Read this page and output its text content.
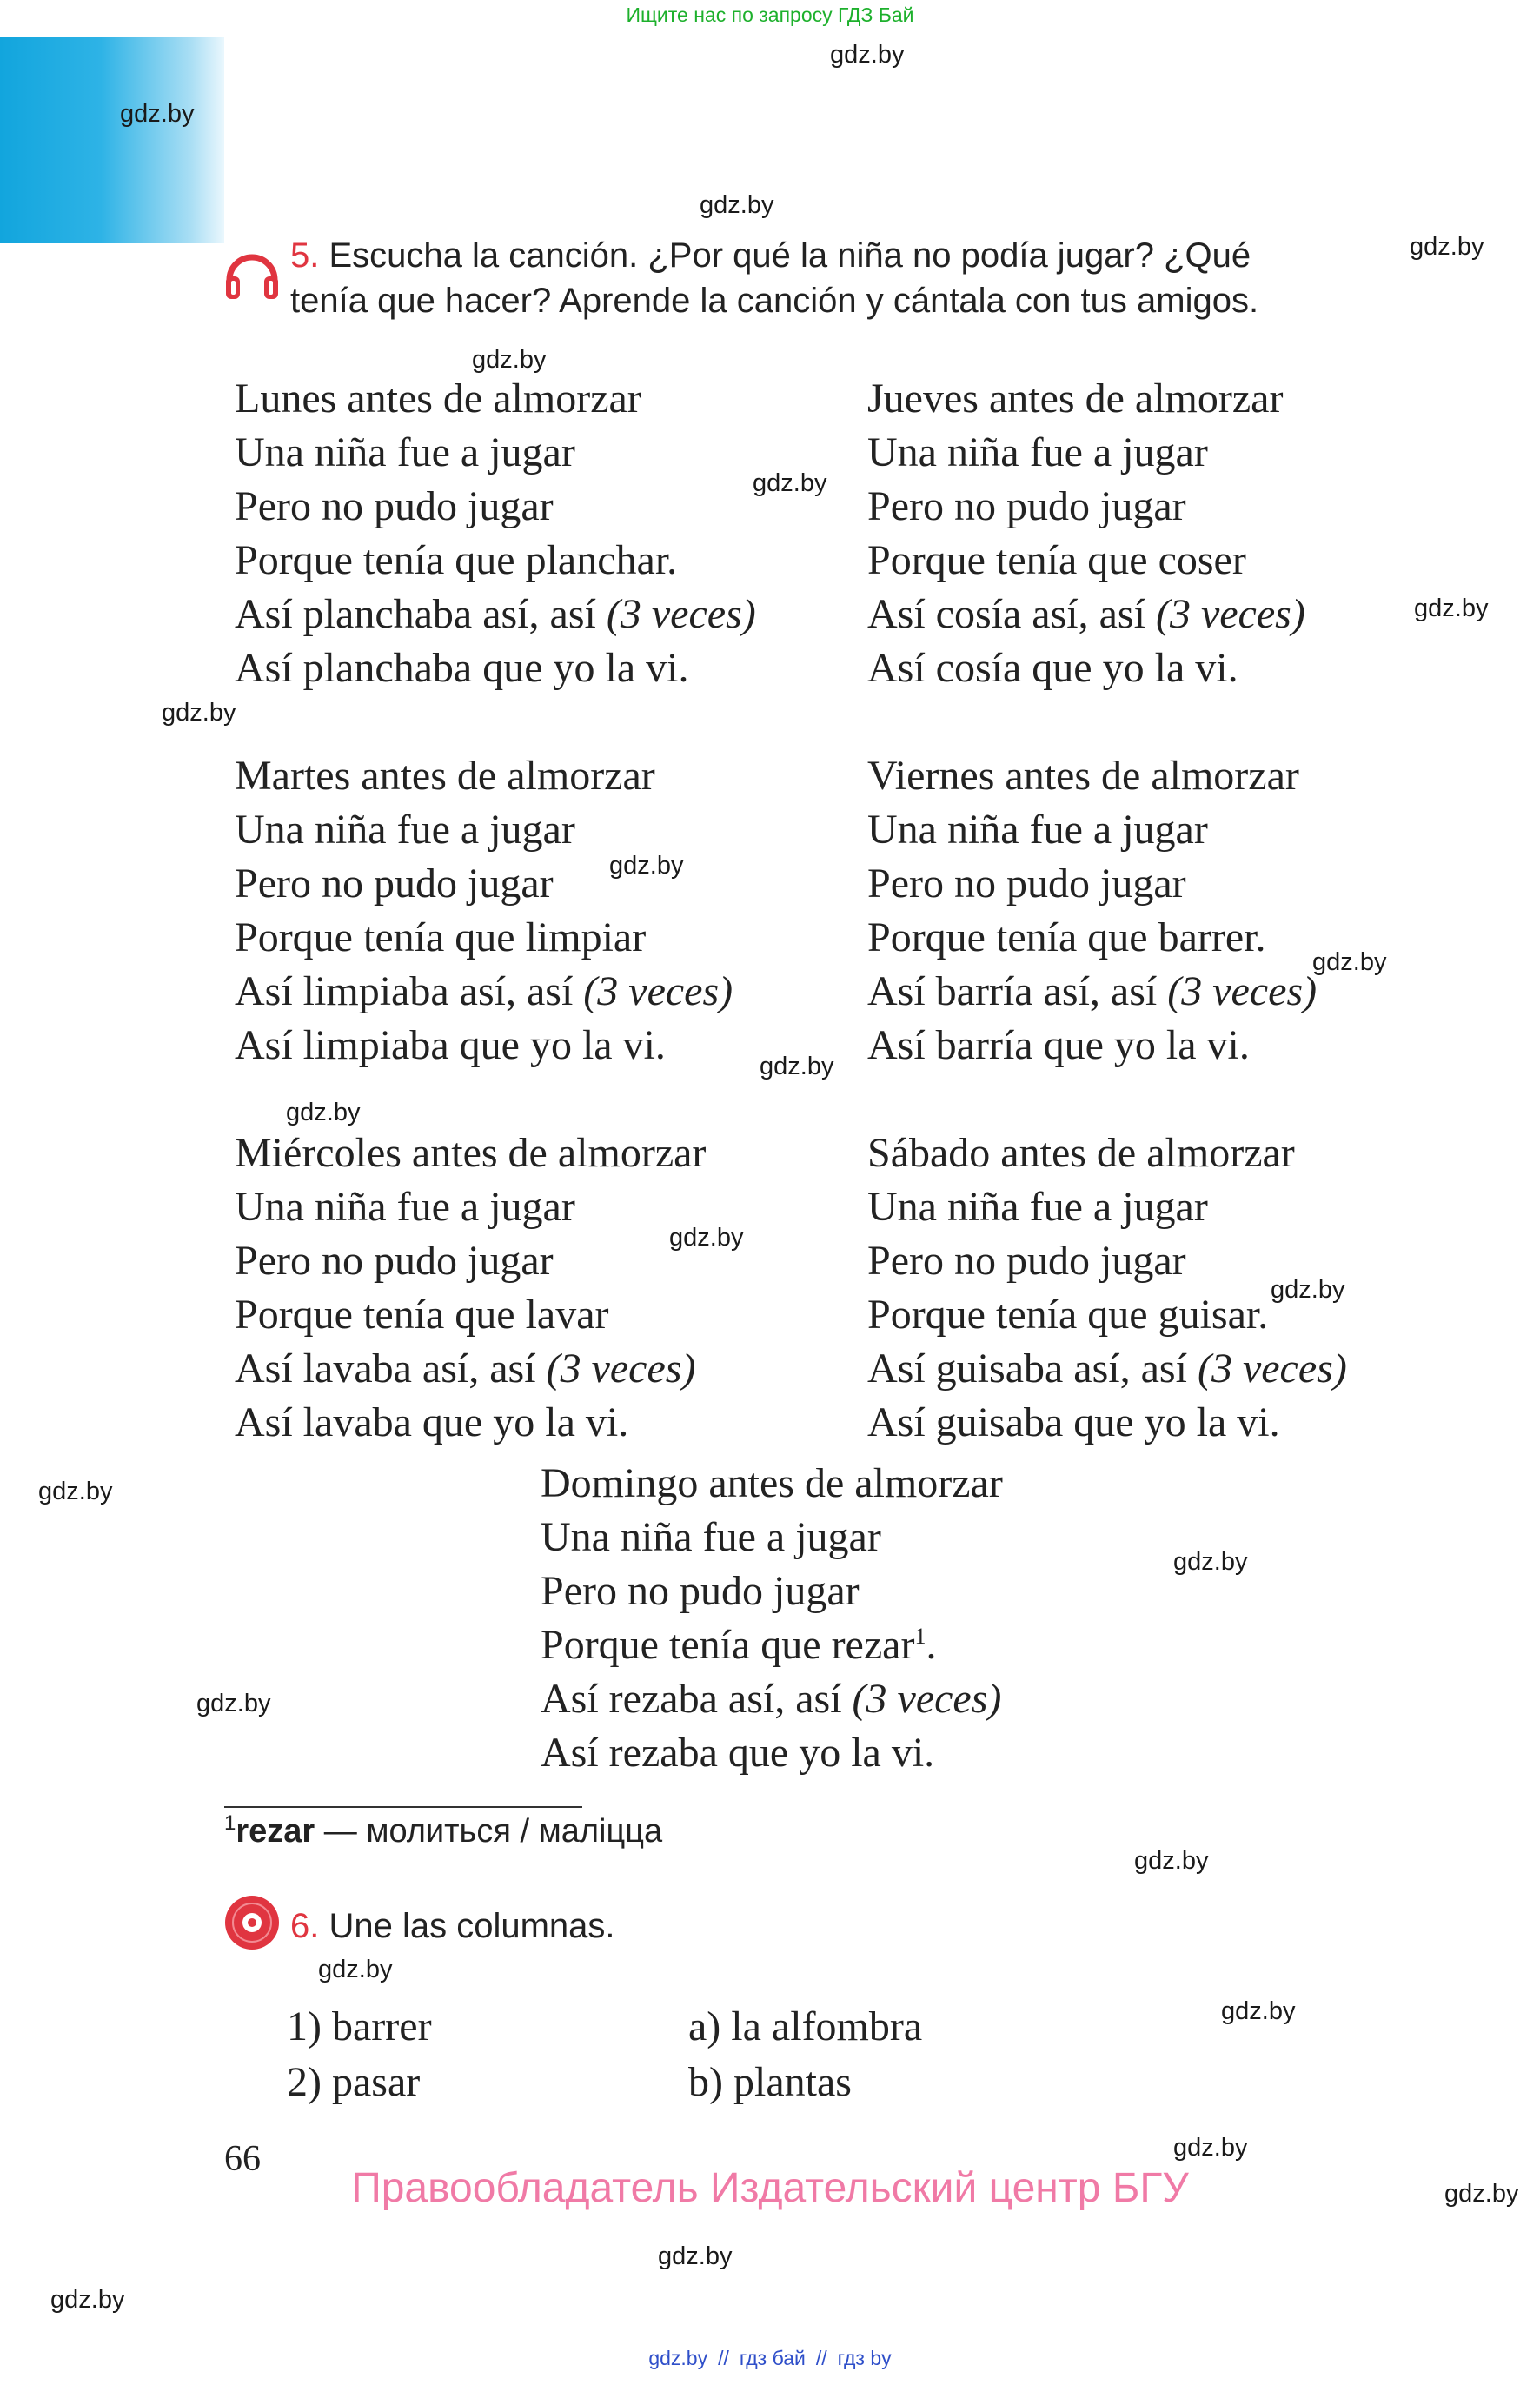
Ищите нас по запросу ГДЗ Бай
gdz.by
gdz.by
gdz.by
gdz.by
gdz.by
gdz.by
gdz.by
gdz.by
gdz.by
gdz.by
gdz.by
gdz.by
gdz.by
gdz.by
gdz.by
gdz.by
gdz.by
gdz.by
gdz.by
gdz.by
gdz.by
gdz.by
gdz.by
gdz.by
5. Escucha la canción. ¿Por qué la niña no podía jugar? ¿Qué
tenía que hacer? Aprende la canción y cántala con tus amigos.
Lunes antes de almorzar
Una niña fue a jugar
Pero no pudo jugar
Porque tenía que planchar.
Así planchaba así, así (3 veces)
Así planchaba que yo la vi.
Jueves antes de almorzar
Una niña fue a jugar
Pero no pudo jugar
Porque tenía que coser
Así cosía así, así (3 veces)
Así cosía que yo la vi.
Martes antes de almorzar
Una niña fue a jugar
Pero no pudo jugar
Porque tenía que limpiar
Así limpiaba así, así (3 veces)
Así limpiaba que yo la vi.
Viernes antes de almorzar
Una niña fue a jugar
Pero no pudo jugar
Porque tenía que barrer.
Así barría así, así (3 veces)
Así barría que yo la vi.
Miércoles antes de almorzar
Una niña fue a jugar
Pero no pudo jugar
Porque tenía que lavar
Así lavaba así, así (3 veces)
Así lavaba que yo la vi.
Sábado antes de almorzar
Una niña fue a jugar
Pero no pudo jugar
Porque tenía que guisar.
Así guisaba así, así (3 veces)
Así guisaba que yo la vi.
Domingo antes de almorzar
Una niña fue a jugar
Pero no pudo jugar
Porque tenía que rezar$^1$.
Así rezaba así, así (3 veces)
Así rezaba que yo la vi.
$^1$rezar — молиться / малiцца
6. Une las columnas.
1) barrer
2) pasar
a) la alfombra
b) plantas
66
Правообладатель Издательский центр БГУ
gdz.by // гдз бай // гдз by
